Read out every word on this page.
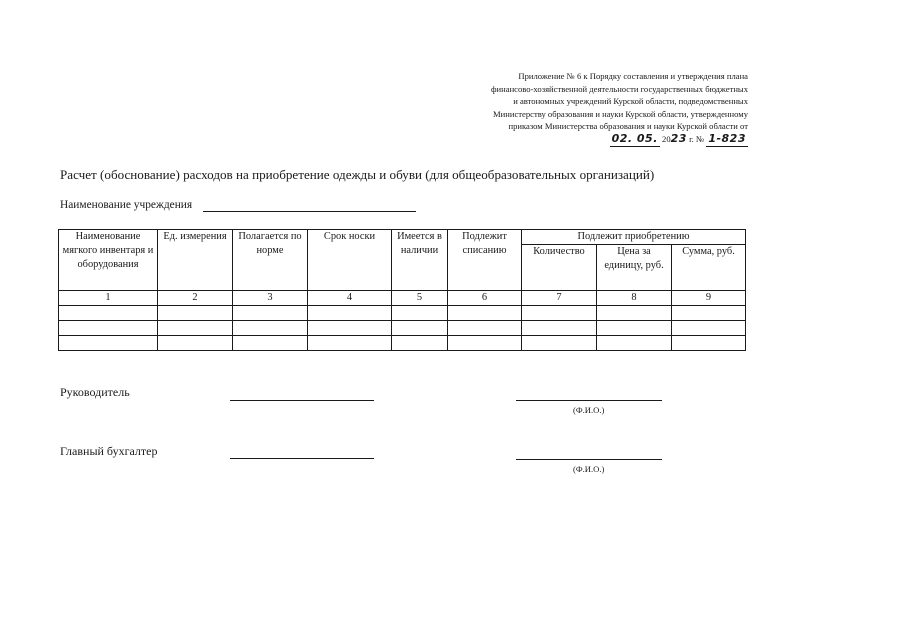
Приложение № 6 к Порядку составления и утверждения плана
финансово-хозяйственной деятельности государственных бюджетных
и автономных учреждений Курской области, подведомственных
Министерству образования и науки Курской области, утвержденному
приказом Министерства образования и науки Курской области от
02. 05. 2023 г. № 1-823
Расчет (обоснование) расходов на приобретение одежды и обуви (для общеобразовательных организаций)
Наименование учреждения
Наименование мягкого инвентаря и оборудования	Ед. измерения	Полагается по норме	Срок носки	Имеется в наличии	Подлежит списанию	Подлежит приобретению		
						Количество	Цена за единицу, руб.	Сумма, руб.
1	2	3	4	5	6	7	8	9

Руководитель
(Ф.И.О.)
Главный бухгалтер
(Ф.И.О.)
